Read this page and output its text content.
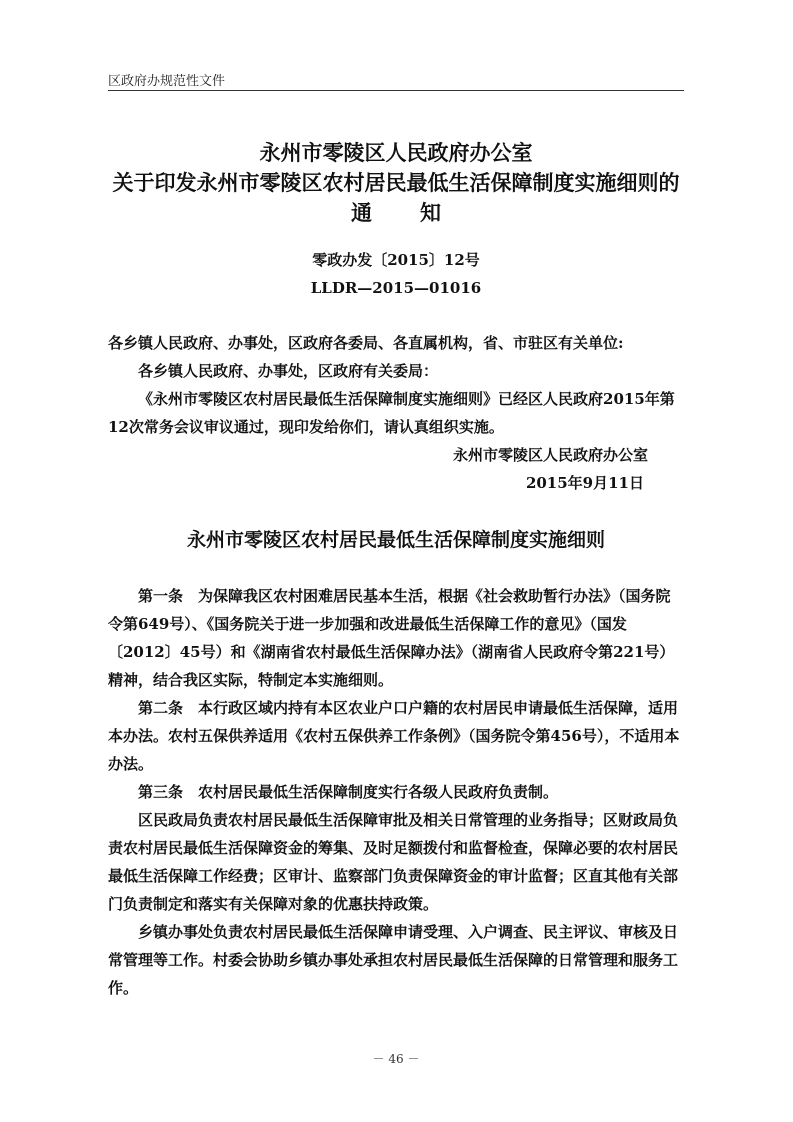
区政府办规范性文件
永州市零陵区人民政府办公室
关于印发永州市零陵区农村居民最低生活保障制度实施细则的
通 知
零政办发〔2015〕12号
LLDR—2015—01016

各乡镇人民政府、办事处，区政府各委局、各直属机构，省、市驻区有关单位:

各乡镇人民政府、办事处，区政府有关委局：

《永州市零陵区农村居民最低生活保障制度实施细则》已经区人民政府2015年第12次常务会议审议通过，现印发给你们，请认真组织实施。

永州市零陵区人民政府办公室

2015年9月11日

永州市零陵区农村居民最低生活保障制度实施细则

第一条 为保障我区农村困难居民基本生活，根据《社会救助暂行办法》（国务院令第649号）、《国务院关于进一步加强和改进最低生活保障工作的意见》（国发〔2012〕45号）和《湖南省农村最低生活保障办法》（湖南省人民政府令第221号）精神，结合我区实际，特制定本实施细则。

第二条 本行政区域内持有本区农业户口户籍的农村居民申请最低生活保障，适用本办法。农村五保供养适用《农村五保供养工作条例》（国务院令第456号），不适用本办法。

第三条 农村居民最低生活保障制度实行各级人民政府负责制。

区民政局负责农村居民最低生活保障审批及相关日常管理的业务指导；区财政局负责农村居民最低生活保障资金的筹集、及时足额拨付和监督检查，保障必要的农村居民最低生活保障工作经费；区审计、监察部门负责保障资金的审计监督；区直其他有关部门负责制定和落实有关保障对象的优惠扶持政策。

乡镇办事处负责农村居民最低生活保障申请受理、入户调查、民主评议、审核及日常管理等工作。村委会协助乡镇办事处承担农村居民最低生活保障的日常管理和服务工作。

－ 46 －
